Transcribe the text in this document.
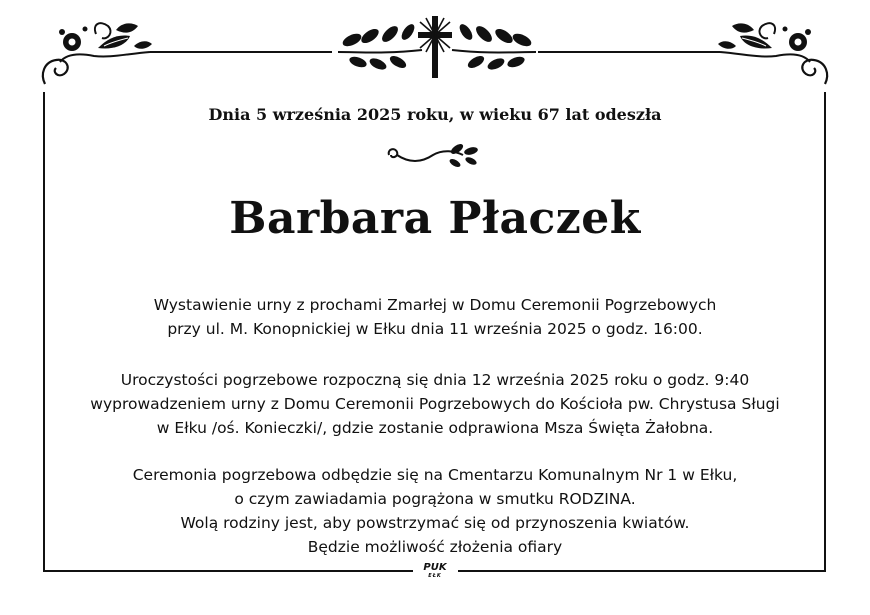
Dnia 5 września 2025 roku, w wieku 67 lat odeszła
Barbara Płaczek
Wystawienie urny z prochami Zmarłej w Domu Ceremonii Pogrzebowych
przy ul. M. Konopnickiej w Ełku dnia 11 września 2025 o godz. 16:00.
Uroczystości pogrzebowe rozpoczną się dnia 12 września 2025 roku o godz. 9:40
wyprowadzeniem urny z Domu Ceremonii Pogrzebowych do Kościoła pw. Chrystusa Sługi
w Ełku /oś. Konieczki/, gdzie zostanie odprawiona Msza Święta Żałobna.
Ceremonia pogrzebowa odbędzie się na Cmentarzu Komunalnym Nr 1 w Ełku,
o czym zawiadamia pogrążona w smutku RODZINA.
Wolą rodziny jest, aby powstrzymać się od przynoszenia kwiatów.
Będzie możliwość złożenia ofiary
PUK
EŁK
